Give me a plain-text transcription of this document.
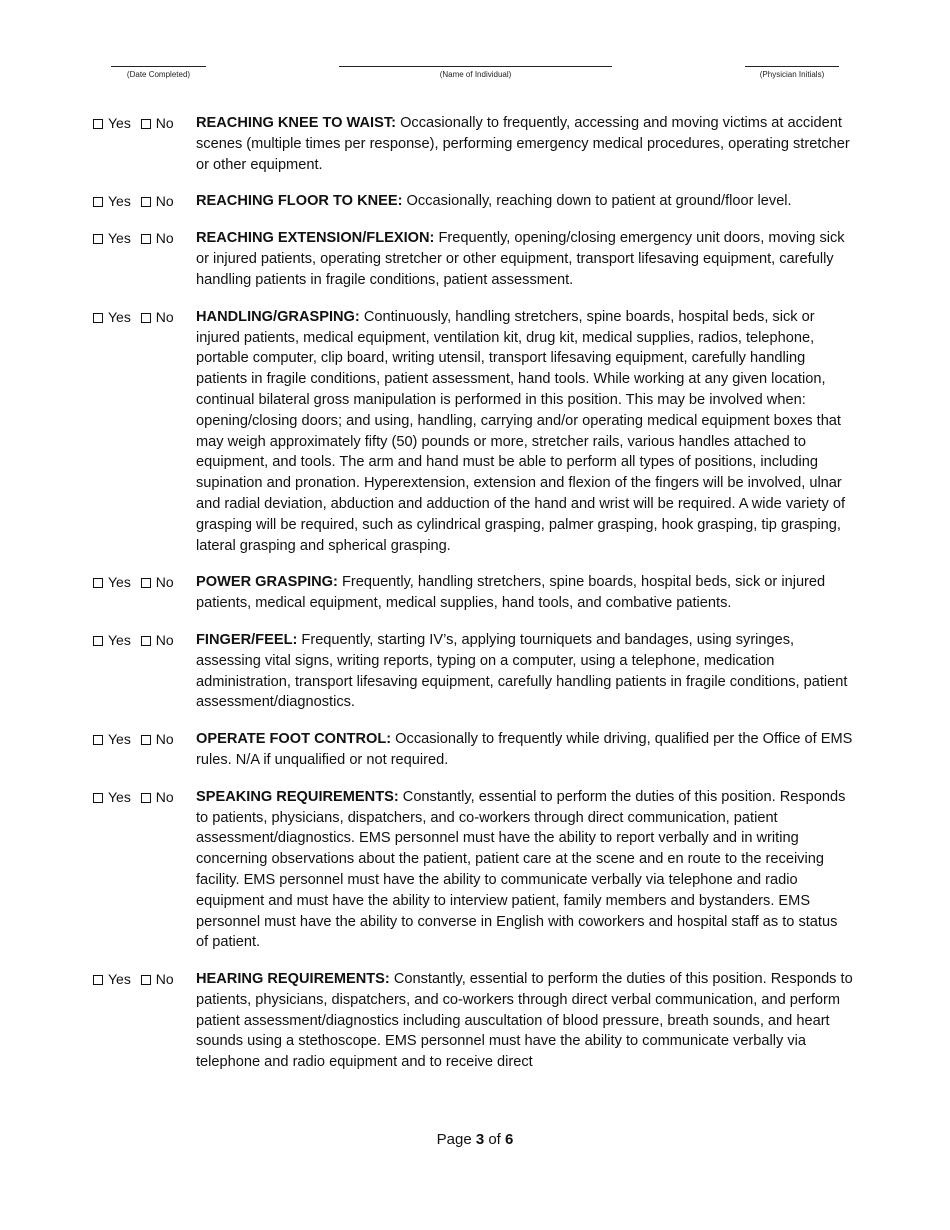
(Date Completed)	(Name of Individual)	(Physician Initials)
Yes No	REACHING KNEE TO WAIST: Occasionally to frequently, accessing and moving victims at accident scenes (multiple times per response), performing emergency medical procedures, operating stretcher or other equipment.
Yes No	REACHING FLOOR TO KNEE: Occasionally, reaching down to patient at ground/floor level.
Yes No	REACHING EXTENSION/FLEXION: Frequently, opening/closing emergency unit doors, moving sick or injured patients, operating stretcher or other equipment, transport lifesaving equipment, carefully handling patients in fragile conditions, patient assessment.
Yes No	HANDLING/GRASPING: Continuously, handling stretchers, spine boards, hospital beds, sick or injured patients, medical equipment, ventilation kit, drug kit, medical supplies, radios, telephone, portable computer, clip board, writing utensil, transport lifesaving equipment, carefully handling patients in fragile conditions, patient assessment, hand tools. While working at any given location, continual bilateral gross manipulation is performed in this position. This may be involved when: opening/closing doors; and using, handling, carrying and/or operating medical equipment boxes that may weigh approximately fifty (50) pounds or more, stretcher rails, various handles attached to equipment, and tools. The arm and hand must be able to perform all types of positions, including supination and pronation. Hyperextension, extension and flexion of the fingers will be involved, ulnar and radial deviation, abduction and adduction of the hand and wrist will be required. A wide variety of grasping will be required, such as cylindrical grasping, palmer grasping, hook grasping, tip grasping, lateral grasping and spherical grasping.
Yes No	POWER GRASPING: Frequently, handling stretchers, spine boards, hospital beds, sick or injured patients, medical equipment, medical supplies, hand tools, and combative patients.
Yes No	FINGER/FEEL: Frequently, starting IV’s, applying tourniquets and bandages, using syringes, assessing vital signs, writing reports, typing on a computer, using a telephone, medication administration, transport lifesaving equipment, carefully handling patients in fragile conditions, patient assessment/diagnostics.
Yes No	OPERATE FOOT CONTROL: Occasionally to frequently while driving, qualified per the Office of EMS rules. N/A if unqualified or not required.
Yes No	SPEAKING REQUIREMENTS: Constantly, essential to perform the duties of this position. Responds to patients, physicians, dispatchers, and co-workers through direct communication, patient assessment/diagnostics. EMS personnel must have the ability to report verbally and in writing concerning observations about the patient, patient care at the scene and en route to the receiving facility. EMS personnel must have the ability to communicate verbally via telephone and radio equipment and must have the ability to interview patient, family members and bystanders. EMS personnel must have the ability to converse in English with coworkers and hospital staff as to status of patient.
Yes No	HEARING REQUIREMENTS: Constantly, essential to perform the duties of this position. Responds to patients, physicians, dispatchers, and co-workers through direct verbal communication, and perform patient assessment/diagnostics including auscultation of blood pressure, breath sounds, and heart sounds using a stethoscope. EMS personnel must have the ability to communicate verbally via telephone and radio equipment and to receive direct
Page 3 of 6
